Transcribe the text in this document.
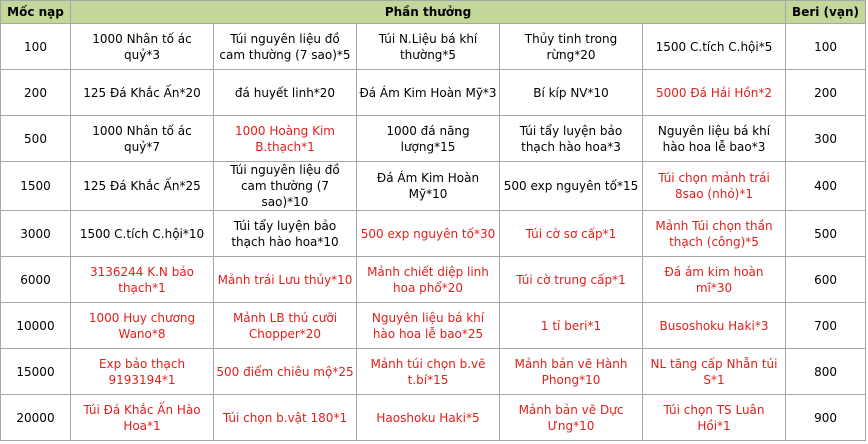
Mốc nạp	Phần thưởng					Beri (vạn)
100	1000 Nhân tố ác quỷ*3	Túi nguyên liệu đồ cam thường (7 sao)*5	Túi N.Liệu bá khí thường*5	Thủy tinh trong rừng*20	1500 C.tích C.hội*5	100
200	125 Đá Khắc Ấn*20	đá huyết linh*20	Đá Ám Kim Hoàn Mỹ*3	Bí kíp NV*10	5000 Đá Hải Hồn*2	200
500	1000 Nhân tố ác quỷ*7	1000 Hoàng Kim B.thạch*1	1000 đá năng lượng*15	Túi tẩy luyện bảo thạch hào hoa*3	Nguyên liệu bá khí hào hoa lễ bao*3	300
1500	125 Đá Khắc Ấn*25	Túi nguyên liệu đồ cam thường (7 sao)*10	Đá Ám Kim Hoàn Mỹ*10	500 exp nguyên tố*15	Túi chọn mảnh trái 8sao (nhỏ)*1	400
3000	1500 C.tích C.hội*10	Túi tẩy luyện bảo thạch hào hoa*10	500 exp nguyên tố*30	Túi cờ sơ cấp*1	Mảnh Túi chọn thần thạch (công)*5	500
6000	3136244 K.N bảo thạch*1	Mảnh trái Lưu thủy*10	Mảnh chiết diệp linh hoa phổ*20	Túi cờ trung cấp*1	Đá ám kim hoàn mĩ*30	600
10000	1000 Huy chương Wano*8	Mảnh LB thú cưỡi Chopper*20	Nguyên liệu bá khí hào hoa lễ bao*25	1 tỉ beri*1	Busoshoku Haki*3	700
15000	Exp bảo thạch 9193194*1	500 điểm chiêu mộ*25	Mảnh túi chọn b.vẽ t.bí*15	Mảnh bản vẽ Hành Phong*10	NL tăng cấp Nhẫn túi S*1	800
20000	Túi Đá Khắc Ấn Hào Hoa*1	Túi chọn b.vật 180*1	Haoshoku Haki*5	Mảnh bản vẽ Dực Ưng*10	Túi chọn TS Luân Hồi*1	900
